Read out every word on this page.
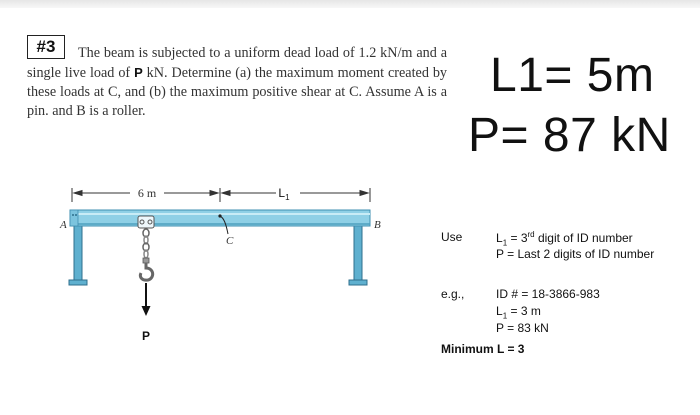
#3	The beam is subjected to a uniform dead load of 1.2 kN/m and a single live load of P kN. Determine (a) the maximum moment created by these loads at C, and (b) the maximum positive shear at C. Assume A is a pin. and B is a roller.

L1= 5m
P= 87 kN
6 m	$L_1$
A	B
C
P
Use	$L_1 = 3rd$ digit of ID number
P = Last 2 digits of ID number
e.g.,	ID # = 18-3866-983
$L_1 = 3$ m
P = 83 kN
Minimum L = 3
